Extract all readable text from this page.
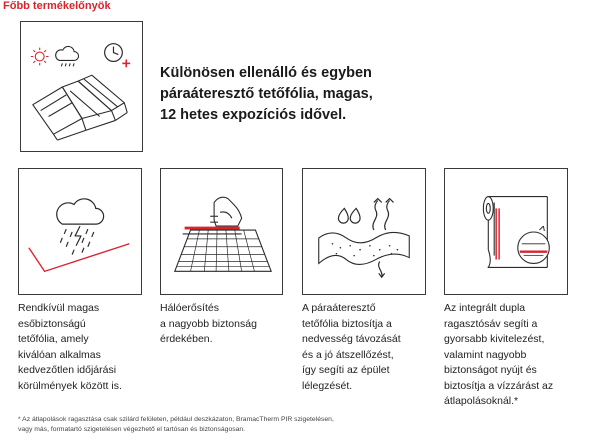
Főbb termékelőnyök
Különösen ellenálló és egyben
páraáteresztő tetőfólia, magas,
12 hetes expozíciós idővel.
Rendkívül magas
esőbiztonságú
tetőfólia, amely
kiválóan alkalmas
kedvezőtlen időjárási
körülmények között is.
Hálóerősítés
a nagyobb biztonság
érdekében.
A páraáteresztő
tetőfólia biztosítja a
nedvesség távozását
és a jó átszellőzést,
így segíti az épület
lélegzését.
Az integrált dupla
ragasztósáv segíti a
gyorsabb kivitelezést,
valamint nagyobb
biztonságot nyújt és
biztosítja a vízzárást az
átlapolásoknál.*
* Az átlapolások ragasztása csak szilárd felületen, például deszkázaton, BramacTherm PIR szigetelésen,
vagy más, formatartó szigetelésen végezhető el tartósan és biztonságosan.
